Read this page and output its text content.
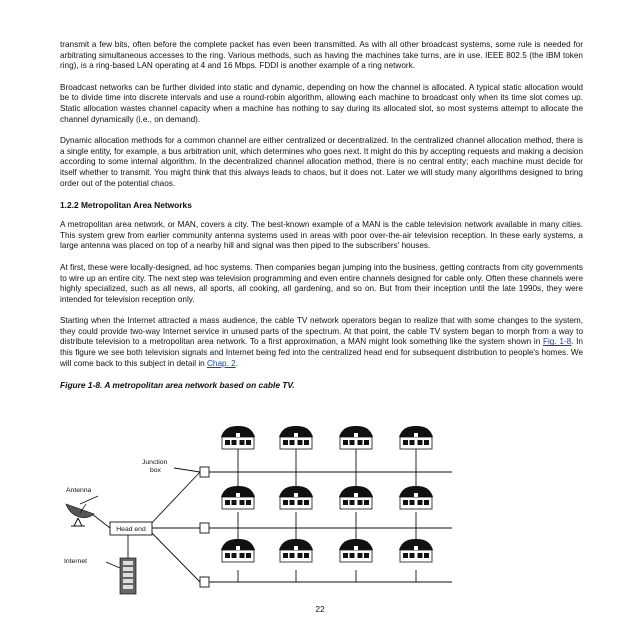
transmit a few bits, often before the complete packet has even been transmitted. As with all other broadcast systems, some rule is needed for arbitrating simultaneous accesses to the ring. Various methods, such as having the machines take turns, are in use. IEEE 802.5 (the IBM token ring), is a ring-based LAN operating at 4 and 16 Mbps. FDDI is another example of a ring network.

Broadcast networks can be further divided into static and dynamic, depending on how the channel is allocated. A typical static allocation would be to divide time into discrete intervals and use a round-robin algorithm, allowing each machine to broadcast only when its time slot comes up. Static allocation wastes channel capacity when a machine has nothing to say during its allocated slot, so most systems attempt to allocate the channel dynamically (i.e., on demand).

Dynamic allocation methods for a common channel are either centralized or decentralized. In the centralized channel allocation method, there is a single entity, for example, a bus arbitration unit, which determines who goes next. It might do this by accepting requests and making a decision according to some internal algorithm. In the decentralized channel allocation method, there is no central entity; each machine must decide for itself whether to transmit. You might think that this always leads to chaos, but it does not. Later we will study many algorithms designed to bring order out of the potential chaos.

1.2.2 Metropolitan Area Networks

A metropolitan area network, or MAN, covers a city. The best-known example of a MAN is the cable television network available in many cities. This system grew from earlier community antenna systems used in areas with poor over-the-air television reception. In these early systems, a large antenna was placed on top of a nearby hill and signal was then piped to the subscribers' houses.

At first, these were locally-designed, ad hoc systems. Then companies began jumping into the business, getting contracts from city governments to wire up an entire city. The next step was television programming and even entire channels designed for cable only. Often these channels were highly specialized, such as all news, all sports, all cooking, all gardening, and so on. But from their inception until the late 1990s, they were intended for television reception only.

Starting when the Internet attracted a mass audience, the cable TV network operators began to realize that with some changes to the system, they could provide two-way Internet service in unused parts of the spectrum. At that point, the cable TV system began to morph from a way to distribute television to a metropolitan area network. To a first approximation, a MAN might look something like the system shown in Fig. 1-8. In this figure we see both television signals and Internet being fed into the centralized head end for subsequent distribution to people's homes. We will come back to this subject in detail in Chap. 2.

Figure 1-8. A metropolitan area network based on cable TV.
Head end
Junction
box
Antenna
Internet
22
